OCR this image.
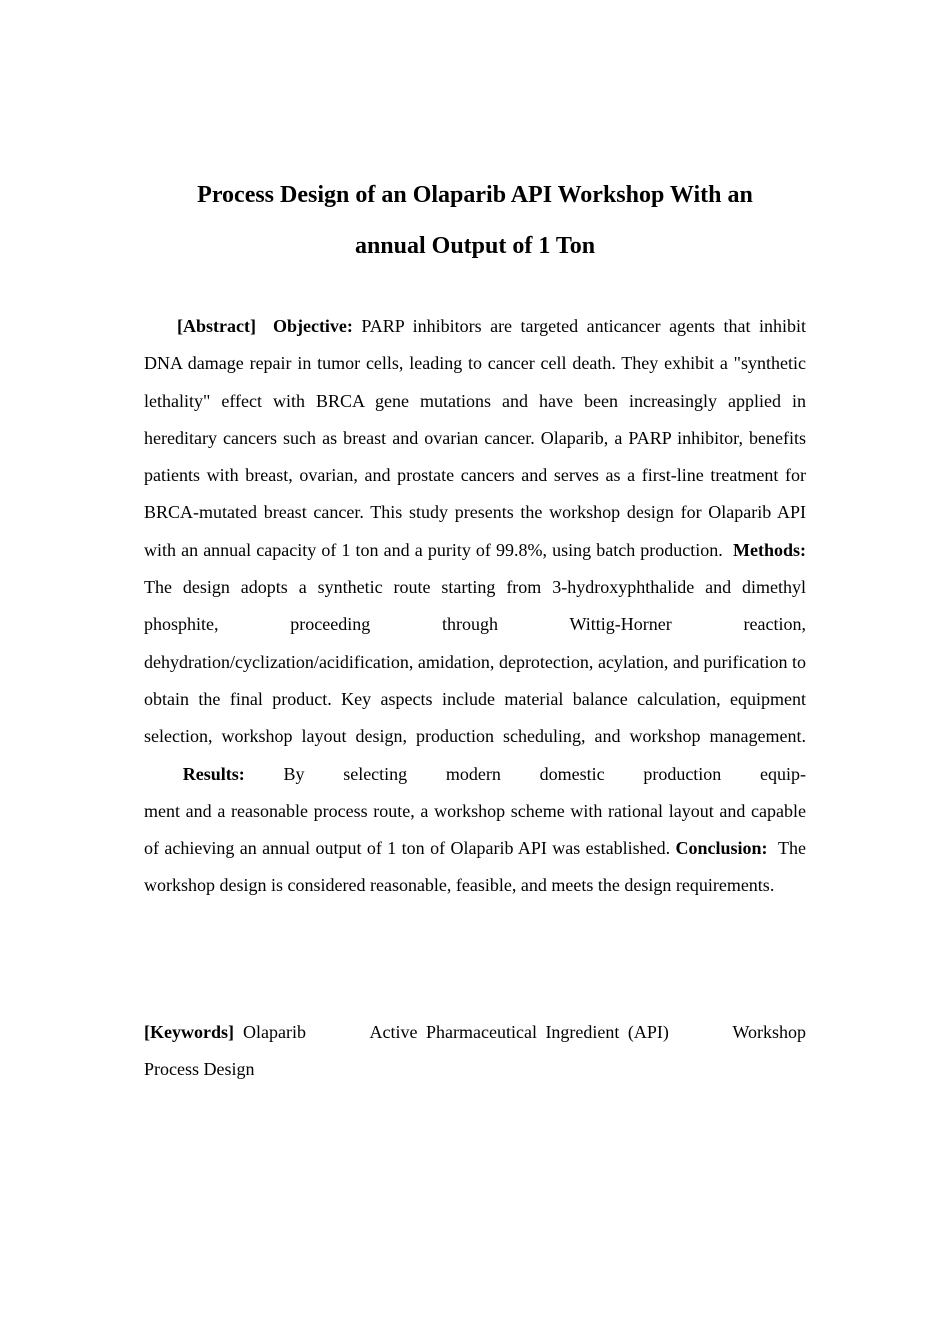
Process Design of an Olaparib API Workshop With an
annual Output of 1 Ton

[Abstract] Objective: PARP inhibitors are targeted anticancer agents that inhibit DNA damage repair in tumor cells, leading to cancer cell death. They exhibit a "synthetic lethality" effect with BRCA gene mutations and have been increasingly applied in hereditary cancers such as breast and ovarian cancer. Olaparib, a PARP inhibitor, benefits patients with breast, ovarian, and prostate cancers and serves as a first-line treatment for BRCA-mutated breast cancer. This study presents the workshop design for Olaparib API with an annual capacity of 1 ton and a purity of 99.8%, using batch production. Methods: The design adopts a synthetic route starting from 3-hydroxyphthalide and dimethyl phosphite, proceeding through Wittig-Horner reaction, dehydration/cyclization/acidification, amidation, deprotection, acylation, and purification to obtain the final product. Key aspects include material balance calculation, equipment selection, workshop layout design, production scheduling, and workshop management.  Results: By selecting modern domestic production equip-

ment and a reasonable process route, a workshop scheme with rational layout and capable of achieving an annual output of 1 ton of Olaparib API was established. Conclusion: The workshop design is considered reasonable, feasible, and meets the design requirements.

[Keywords] Olaparib	Active Pharmaceutical Ingredient (API)	Workshop
Process Design
